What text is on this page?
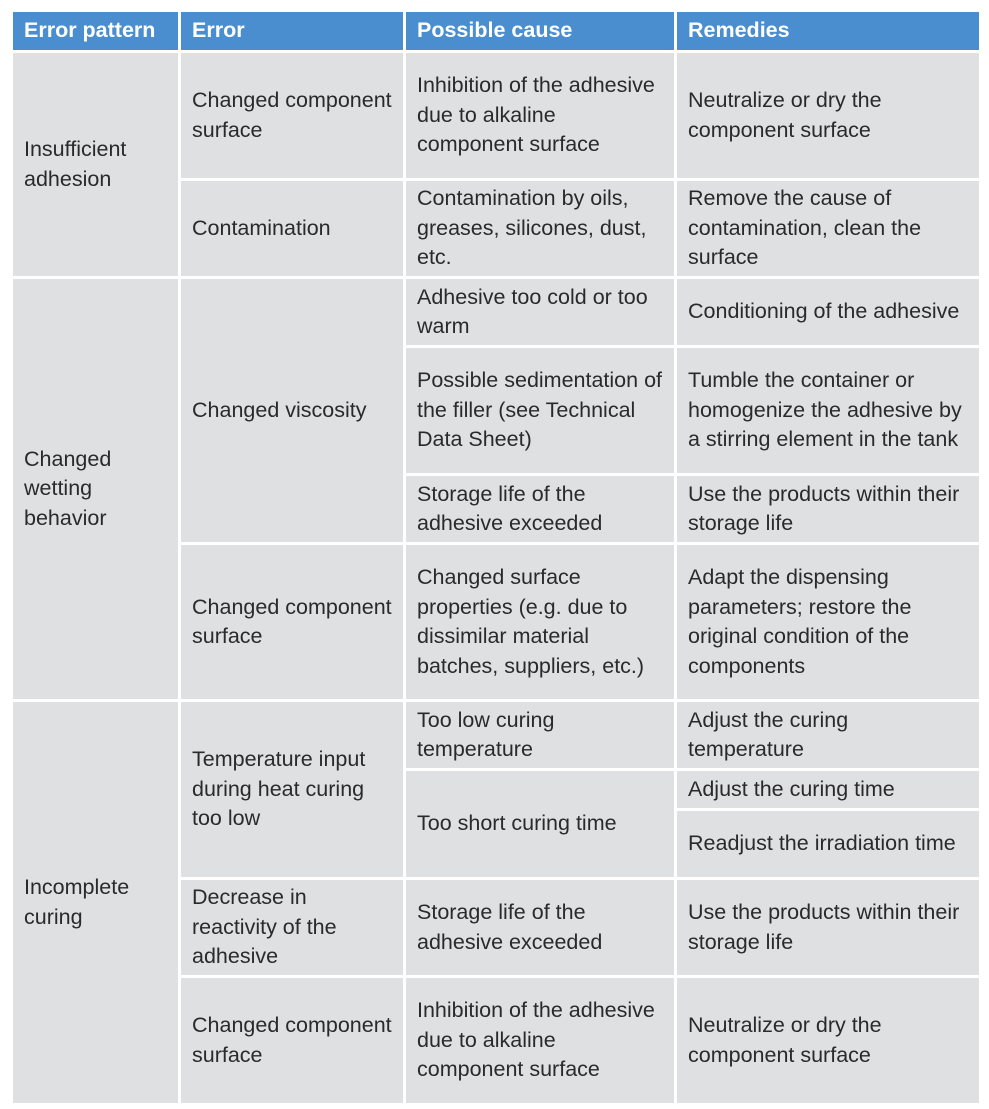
Error pattern	Error	Possible cause	Remedies
Insufficient adhesion	Changed component surface	Inhibition of the adhesive due to alkaline component surface	Neutralize or dry the component surface
	Contamination	Contamination by oils, greases, silicones, dust, etc.	Remove the cause of contamination, clean the surface
Changed wetting behavior	Changed viscosity	Adhesive too cold or too warm	Conditioning of the adhesive
		Possible sedimentation of the filler (see Technical Data Sheet)	Tumble the container or homogenize the adhesive by a stirring element in the tank
		Storage life of the adhesive exceeded	Use the products within their storage life
	Changed component surface	Changed surface properties (e.g. due to dissimilar material batches, suppliers, etc.)	Adapt the dispensing parameters; restore the original condition of the components
Incomplete curing	Temperature input during heat curing too low	Too low curing temperature	Adjust the curing temperature
		Too short curing time	Adjust the curing time
			Readjust the irradiation time
	Decrease in reactivity of the adhesive	Storage life of the adhesive exceeded	Use the products within their storage life
	Changed component surface	Inhibition of the adhesive due to alkaline component surface	Neutralize or dry the component surface
